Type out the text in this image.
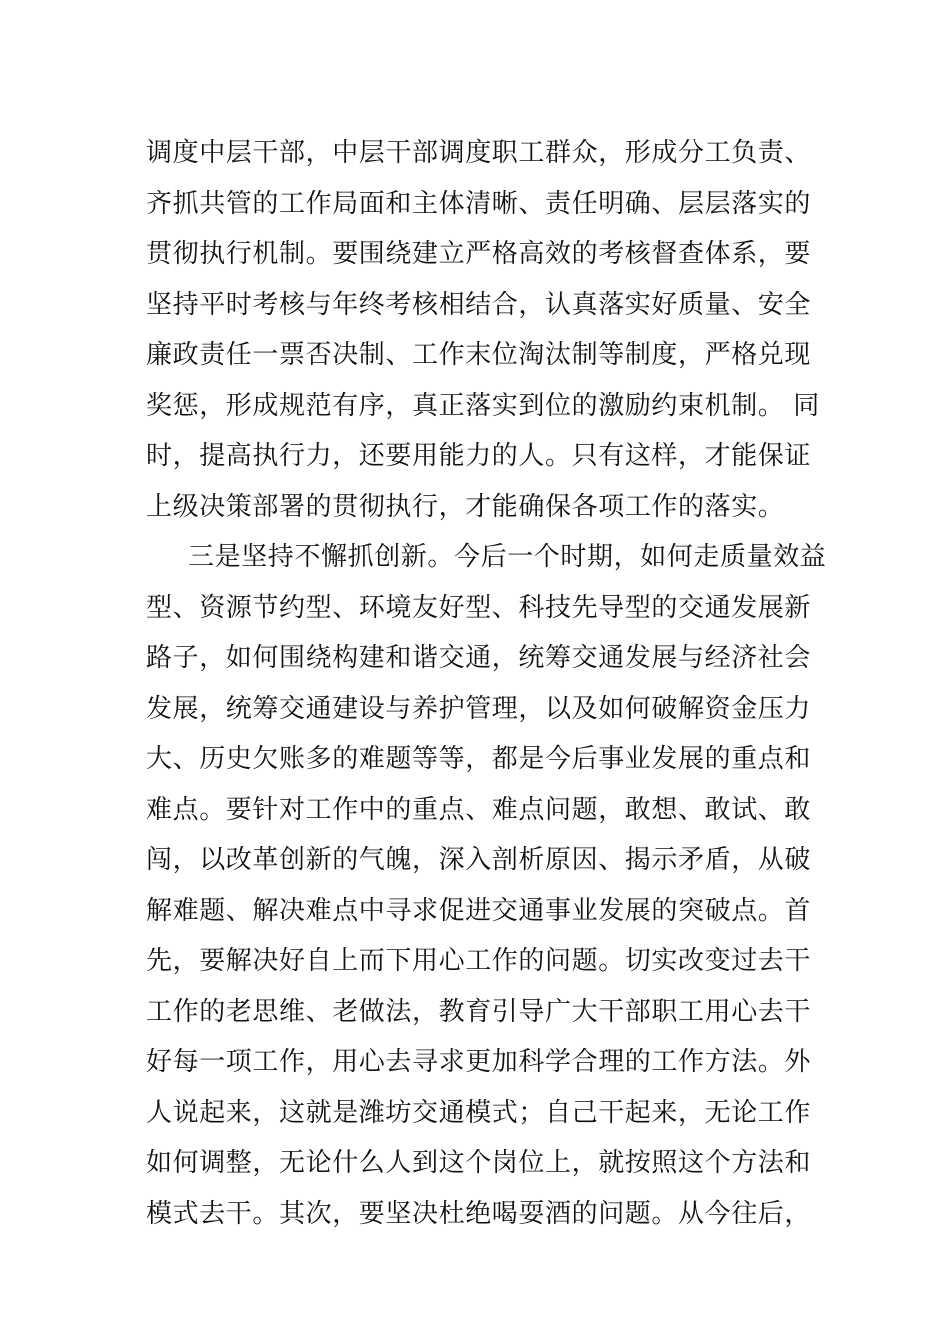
调度中层干部，中层干部调度职工群众，形成分工负责、
齐抓共管的工作局面和主体清晰、责任明确、层层落实的
贯彻执行机制。要围绕建立严格高效的考核督查体系，要
坚持平时考核与年终考核相结合，认真落实好质量、安全
廉政责任一票否决制、工作末位淘汰制等制度，严格兑现
奖惩，形成规范有序，真正落实到位的激励约束机制。 同
时，提高执行力，还要用能力的人。只有这样，才能保证
上级决策部署的贯彻执行，才能确保各项工作的落实。
三是坚持不懈抓创新。今后一个时期，如何走质量效益
型、资源节约型、环境友好型、科技先导型的交通发展新
路子，如何围绕构建和谐交通，统筹交通发展与经济社会
发展，统筹交通建设与养护管理，以及如何破解资金压力
大、历史欠账多的难题等等，都是今后事业发展的重点和
难点。要针对工作中的重点、难点问题，敢想、敢试、敢
闯，以改革创新的气魄，深入剖析原因、揭示矛盾，从破
解难题、解决难点中寻求促进交通事业发展的突破点。首
先，要解决好自上而下用心工作的问题。切实改变过去干
工作的老思维、老做法，教育引导广大干部职工用心去干
好每一项工作，用心去寻求更加科学合理的工作方法。外
人说起来，这就是潍坊交通模式；自己干起来，无论工作
如何调整，无论什么人到这个岗位上，就按照这个方法和
模式去干。其次，要坚决杜绝喝耍酒的问题。从今往后，
